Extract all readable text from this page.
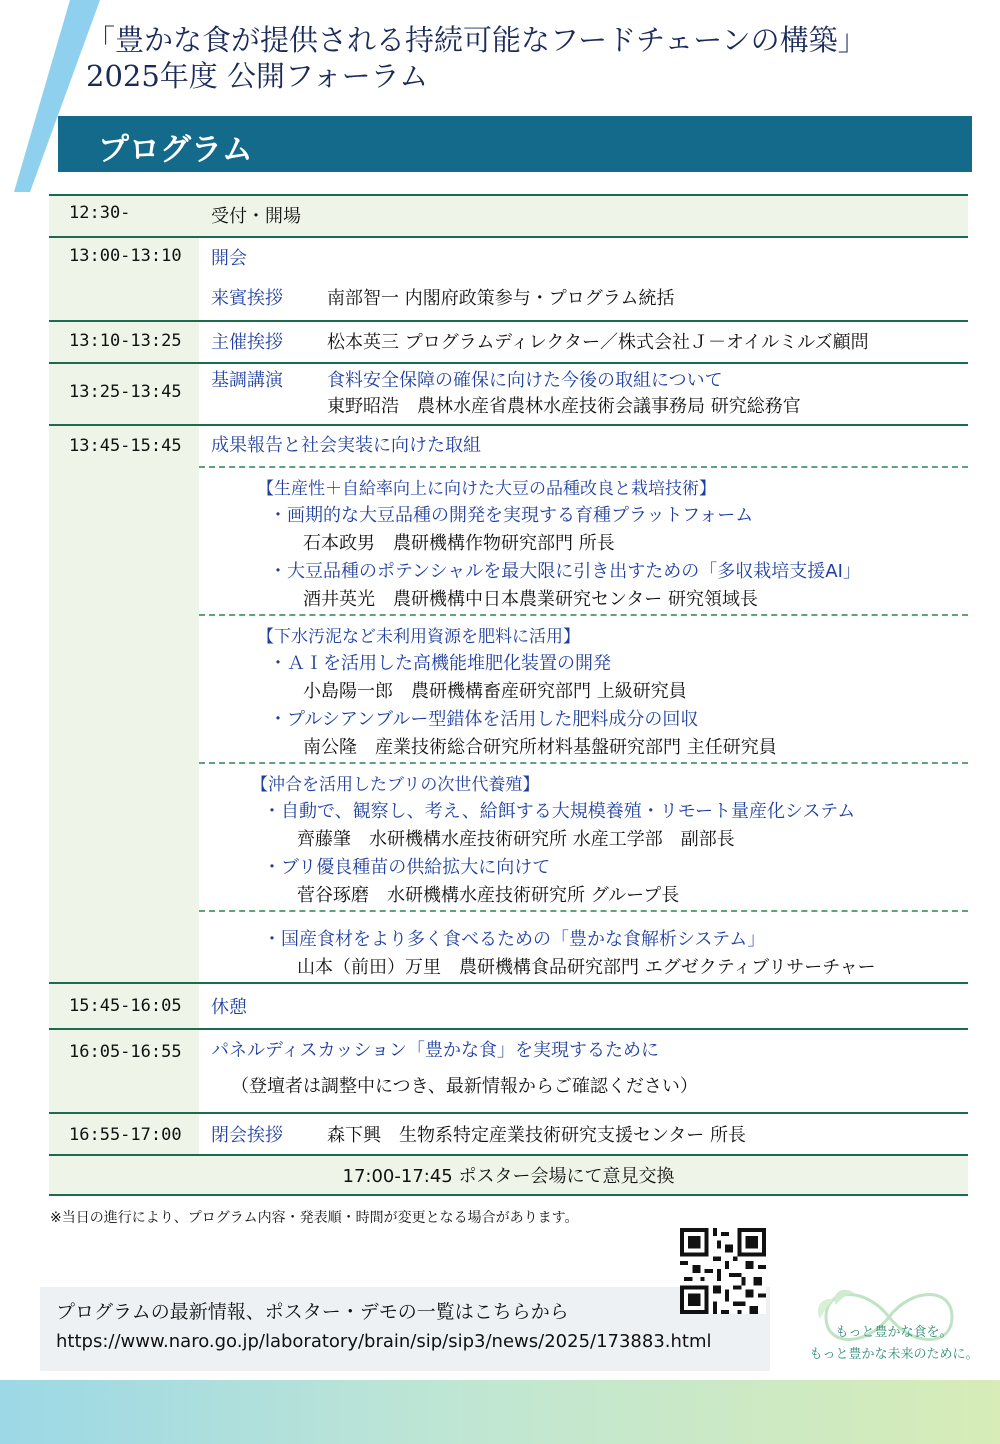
「豊かな食が提供される持続可能なフードチェーンの構築」
2025年度 公開フォーラム
プログラム
12:30-	受付・開場
13:00-13:10	開会
来賓挨拶 南部智一 内閣府政策参与・プログラム統括
13:10-13:25	主催挨拶 松本英三 プログラムディレクター／株式会社Ｊ－オイルミルズ顧問
13:25-13:45
基調講演 食料安全保障の確保に向けた今後の取組について
東野昭浩　農林水産省農林水産技術会議事務局 研究総務官
13:45-15:45	成果報告と社会実装に向けた取組
【生産性＋自給率向上に向けた大豆の品種改良と栽培技術】
・画期的な大豆品種の開発を実現する育種プラットフォーム
石本政男　農研機構作物研究部門 所長
・大豆品種のポテンシャルを最大限に引き出すための「多収栽培支援AI」
酒井英光　農研機構中日本農業研究センター 研究領域長
【下水汚泥など未利用資源を肥料に活用】
・ＡＩを活用した高機能堆肥化装置の開発
小島陽一郎　農研機構畜産研究部門 上級研究員
・プルシアンブルー型錯体を活用した肥料成分の回収
南公隆　産業技術総合研究所材料基盤研究部門 主任研究員
【沖合を活用したブリの次世代養殖】
・自動で、観察し、考え、給餌する大規模養殖・リモート量産化システム
齊藤肇　水研機構水産技術研究所 水産工学部　副部長
・ブリ優良種苗の供給拡大に向けて
菅谷琢磨　水研機構水産技術研究所 グループ長
・国産食材をより多く食べるための「豊かな食解析システム」
山本（前田）万里　農研機構食品研究部門 エグゼクティブリサーチャー
15:45-16:05	休憩
16:05-16:55	パネルディスカッション「豊かな食」を実現するために
（登壇者は調整中につき、最新情報からご確認ください）
16:55-17:00	閉会挨拶 森下興　生物系特定産業技術研究支援センター 所長
17:00-17:45 ポスター会場にて意見交換
※当日の進行により、プログラム内容・発表順・時間が変更となる場合があります。
プログラムの最新情報、ポスター・デモの一覧はこちらから
https://www.naro.go.jp/laboratory/brain/sip/sip3/news/2025/173883.html	もっと豊かな食を。
もっと豊かな未来のために。
